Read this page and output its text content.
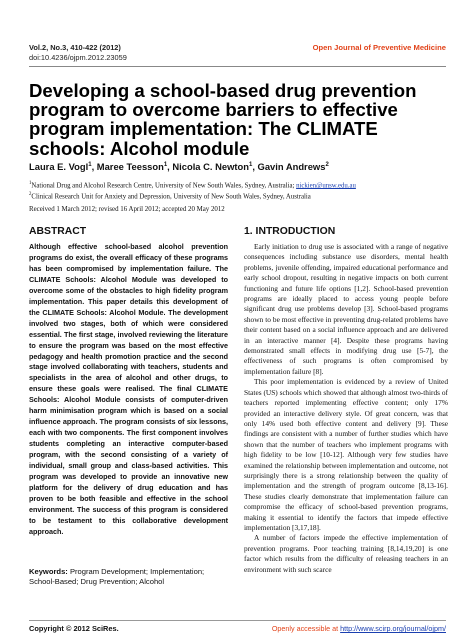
Vol.2, No.3, 410-422 (2012)
doi:10.4236/ojpm.2012.23059
Open Journal of Preventive Medicine
Developing a school-based drug prevention program to overcome barriers to effective program implementation: The CLIMATE schools: Alcohol module
Laura E. Vogl$^1$, Maree Teesson$^1$, Nicola C. Newton$^1$, Gavin Andrews$^2$
$^1$National Drug and Alcohol Research Centre, University of New South Wales, Sydney, Australia; nickien@unsw.edu.au
$^2$Clinical Research Unit for Anxiety and Depression, University of New South Wales, Sydney, Australia
Received 1 March 2012; revised 16 April 2012; accepted 20 May 2012
ABSTRACT

Although effective school-based alcohol prevention programs do exist, the overall efficacy of these programs has been compromised by implementation failure. The CLIMATE Schools: Alcohol Module was developed to overcome some of the obstacles to high fidelity program implementation. This paper details this development of the CLIMATE Schools: Alcohol Module. The development involved two stages, both of which were considered essential. The first stage, involved reviewing the literature to ensure the program was based on the most effective pedagogy and health promotion practice and the second stage involved collaborating with teachers, students and specialists in the area of alcohol and other drugs, to ensure these goals were realised. The final CLIMATE Schools: Alcohol Module consists of computer-driven harm minimisation program which is based on a social influence approach. The program consists of six lessons, each with two components. The first component involves students completing an interactive computer-based program, with the second consisting of a variety of individual, small group and class-based activities. This program was developed to provide an innovative new platform for the delivery of drug education and has proven to be both feasible and effective in the school environment. The success of this program is considered to be testament to this collaborative development approach.

Keywords: Program Development; Implementation; School-Based; Drug Prevention; Alcohol

1. INTRODUCTION

Early initiation to drug use is associated with a range of negative consequences including substance use disorders, mental health problems, juvenile offending, impaired educational performance and early school dropout, resulting in negative impacts on both current functioning and future life options [1,2]. School-based prevention programs are ideally placed to access young people before significant drug use problems develop [3]. School-based programs shown to be most effective in preventing drug-related problems have their content based on a social influence approach and are delivered in an interactive manner [4]. Despite these programs having demonstrated small effects in modifying drug use [5-7], the effectiveness of such programs is often compromised by implementation failure [8].

This poor implementation is evidenced by a review of United States (US) schools which showed that although almost two-thirds of teachers reported implementing effective content; only 17% provided an interactive delivery style. Of great concern, was that only 14% used both effective content and delivery [9]. These findings are consistent with a number of further studies which have shown that the number of teachers who implement programs with high fidelity to be low [10-12]. Although very few studies have examined the relationship between implementation and outcome, not surprisingly there is a strong relationship between the quality of implementation and the strength of program outcome [8,13-16]. These studies clearly demonstrate that implementation failure can compromise the efficacy of school-based prevention programs, making it essential to identify the factors that impede effective implementation [3,17,18].

A number of factors impede the effective implementation of prevention programs. Poor teaching training [8,14,19,20] is one factor which results from the difficulty of releasing teachers in an environment with such scarce

Copyright © 2012 SciRes.	Openly accessible at http://www.scirp.org/journal/ojpm/
